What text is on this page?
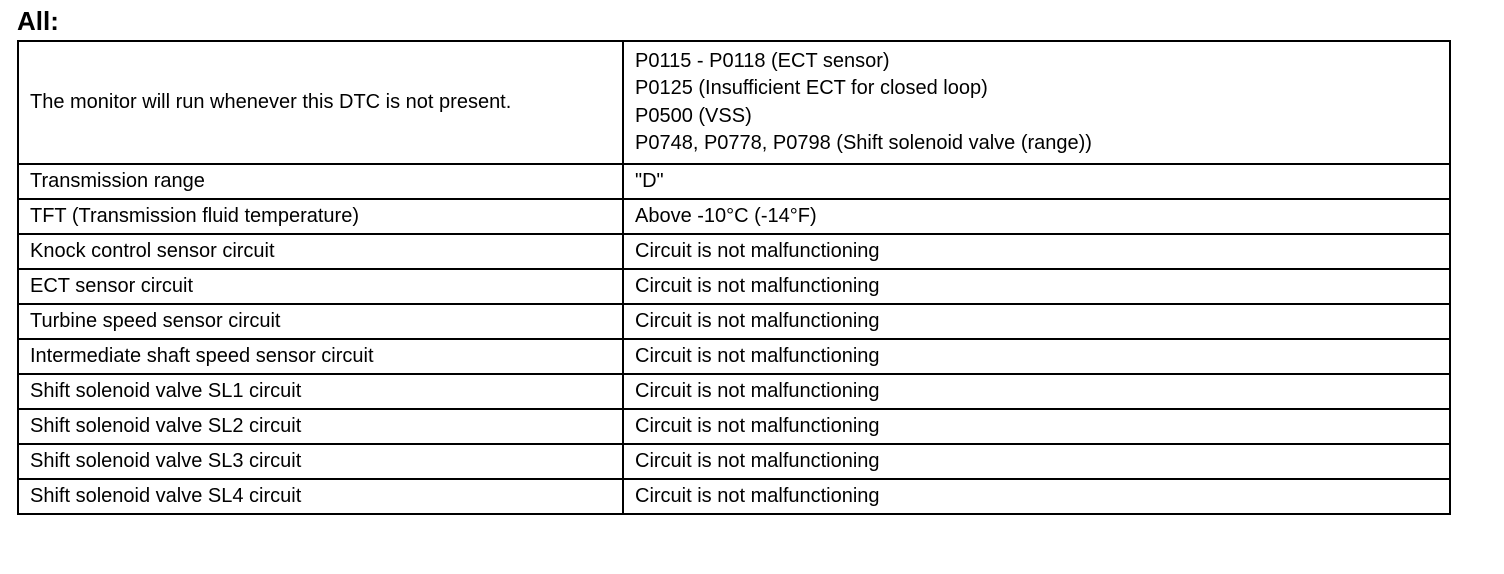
All:
The monitor will run whenever this DTC is not present.	P0115 - P0118 (ECT sensor)
P0125 (Insufficient ECT for closed loop)
P0500 (VSS)
P0748, P0778, P0798 (Shift solenoid valve (range))

Transmission range	"D"
TFT (Transmission fluid temperature)	Above -10°C (-14°F)
Knock control sensor circuit	Circuit is not malfunctioning
ECT sensor circuit	Circuit is not malfunctioning
Turbine speed sensor circuit	Circuit is not malfunctioning
Intermediate shaft speed sensor circuit	Circuit is not malfunctioning
Shift solenoid valve SL1 circuit	Circuit is not malfunctioning
Shift solenoid valve SL2 circuit	Circuit is not malfunctioning
Shift solenoid valve SL3 circuit	Circuit is not malfunctioning
Shift solenoid valve SL4 circuit	Circuit is not malfunctioning
